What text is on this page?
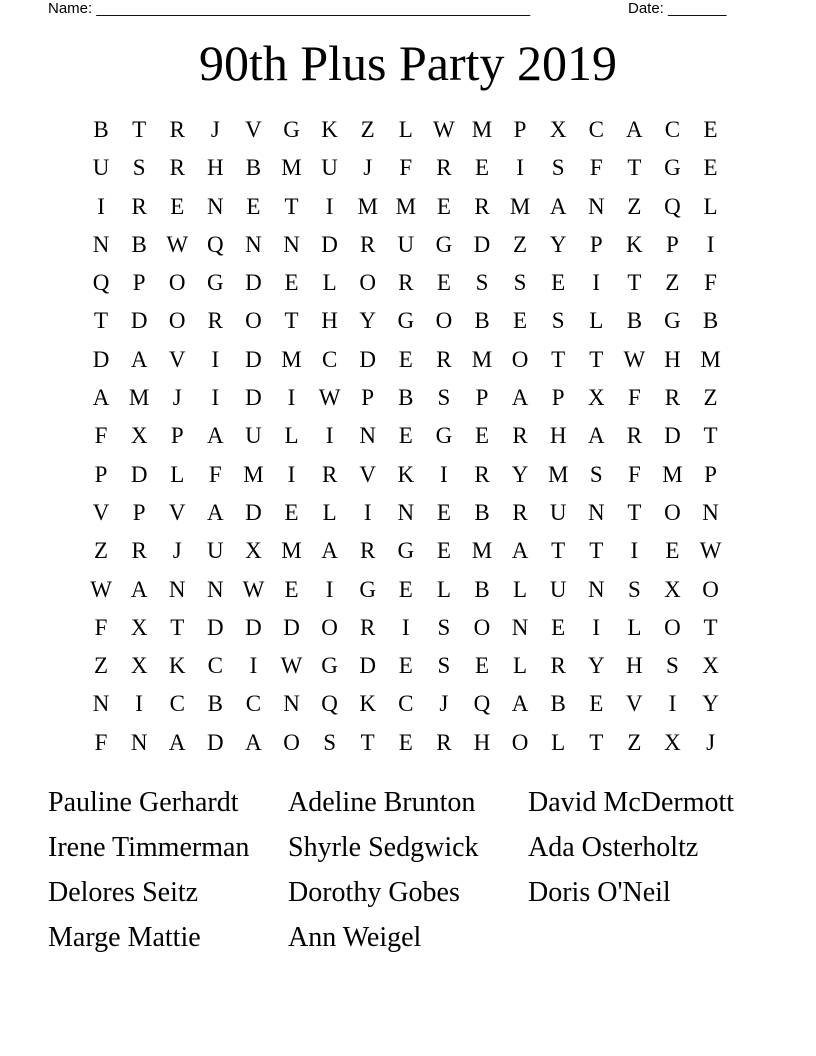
Name: ____________________________________________________	Date: _______
90th Plus Party 2019
B	T	R	J	V G K Z	L W M P	X C A C	E
U	S	R H B M U	J	F	R	E	I	S	F	T G E
I	R	E N E	T	I	M M E	R M A N Z Q L
N B W Q N N D R U G D Z Y	P	K	P	I
Q	P	O G D E	L O R	E	S	S	E	I	T	Z	F
T D O R O T H Y G O B	E	S	L	B G B
D A V	I	D M C D E	R M O T	T W H M
A M	J	I	D	I	W P	B	S	P	A	P	X	F	R	Z
F	X	P	A U L	I	N E G E	R H A R D T
P	D L	F M	I	R V K	I	R Y M S	F M P
V	P	V A D E	L	I	N E	B R U N T O N
Z	R	J	U X M A R G E M A T	T	I	E W
W A N N W E	I	G E	L	B	L U N	S	X O
F	X T D D D O R	I	S	O N E	I	L O T
Z X K C	I	W G D E	S	E	L	R Y H	S	X
N	I	C B C N Q K C	J	Q A B	E V	I	Y
F	N A D A O	S	T	E	R H O L	T	Z X	J
Pauline Gerhardt	Adeline Brunton	David McDermott
Irene Timmerman	Shyrle Sedgwick	Ada Osterholtz
Delores Seitz	Dorothy Gobes	Doris O'Neil
Marge Mattie	Ann Weigel
